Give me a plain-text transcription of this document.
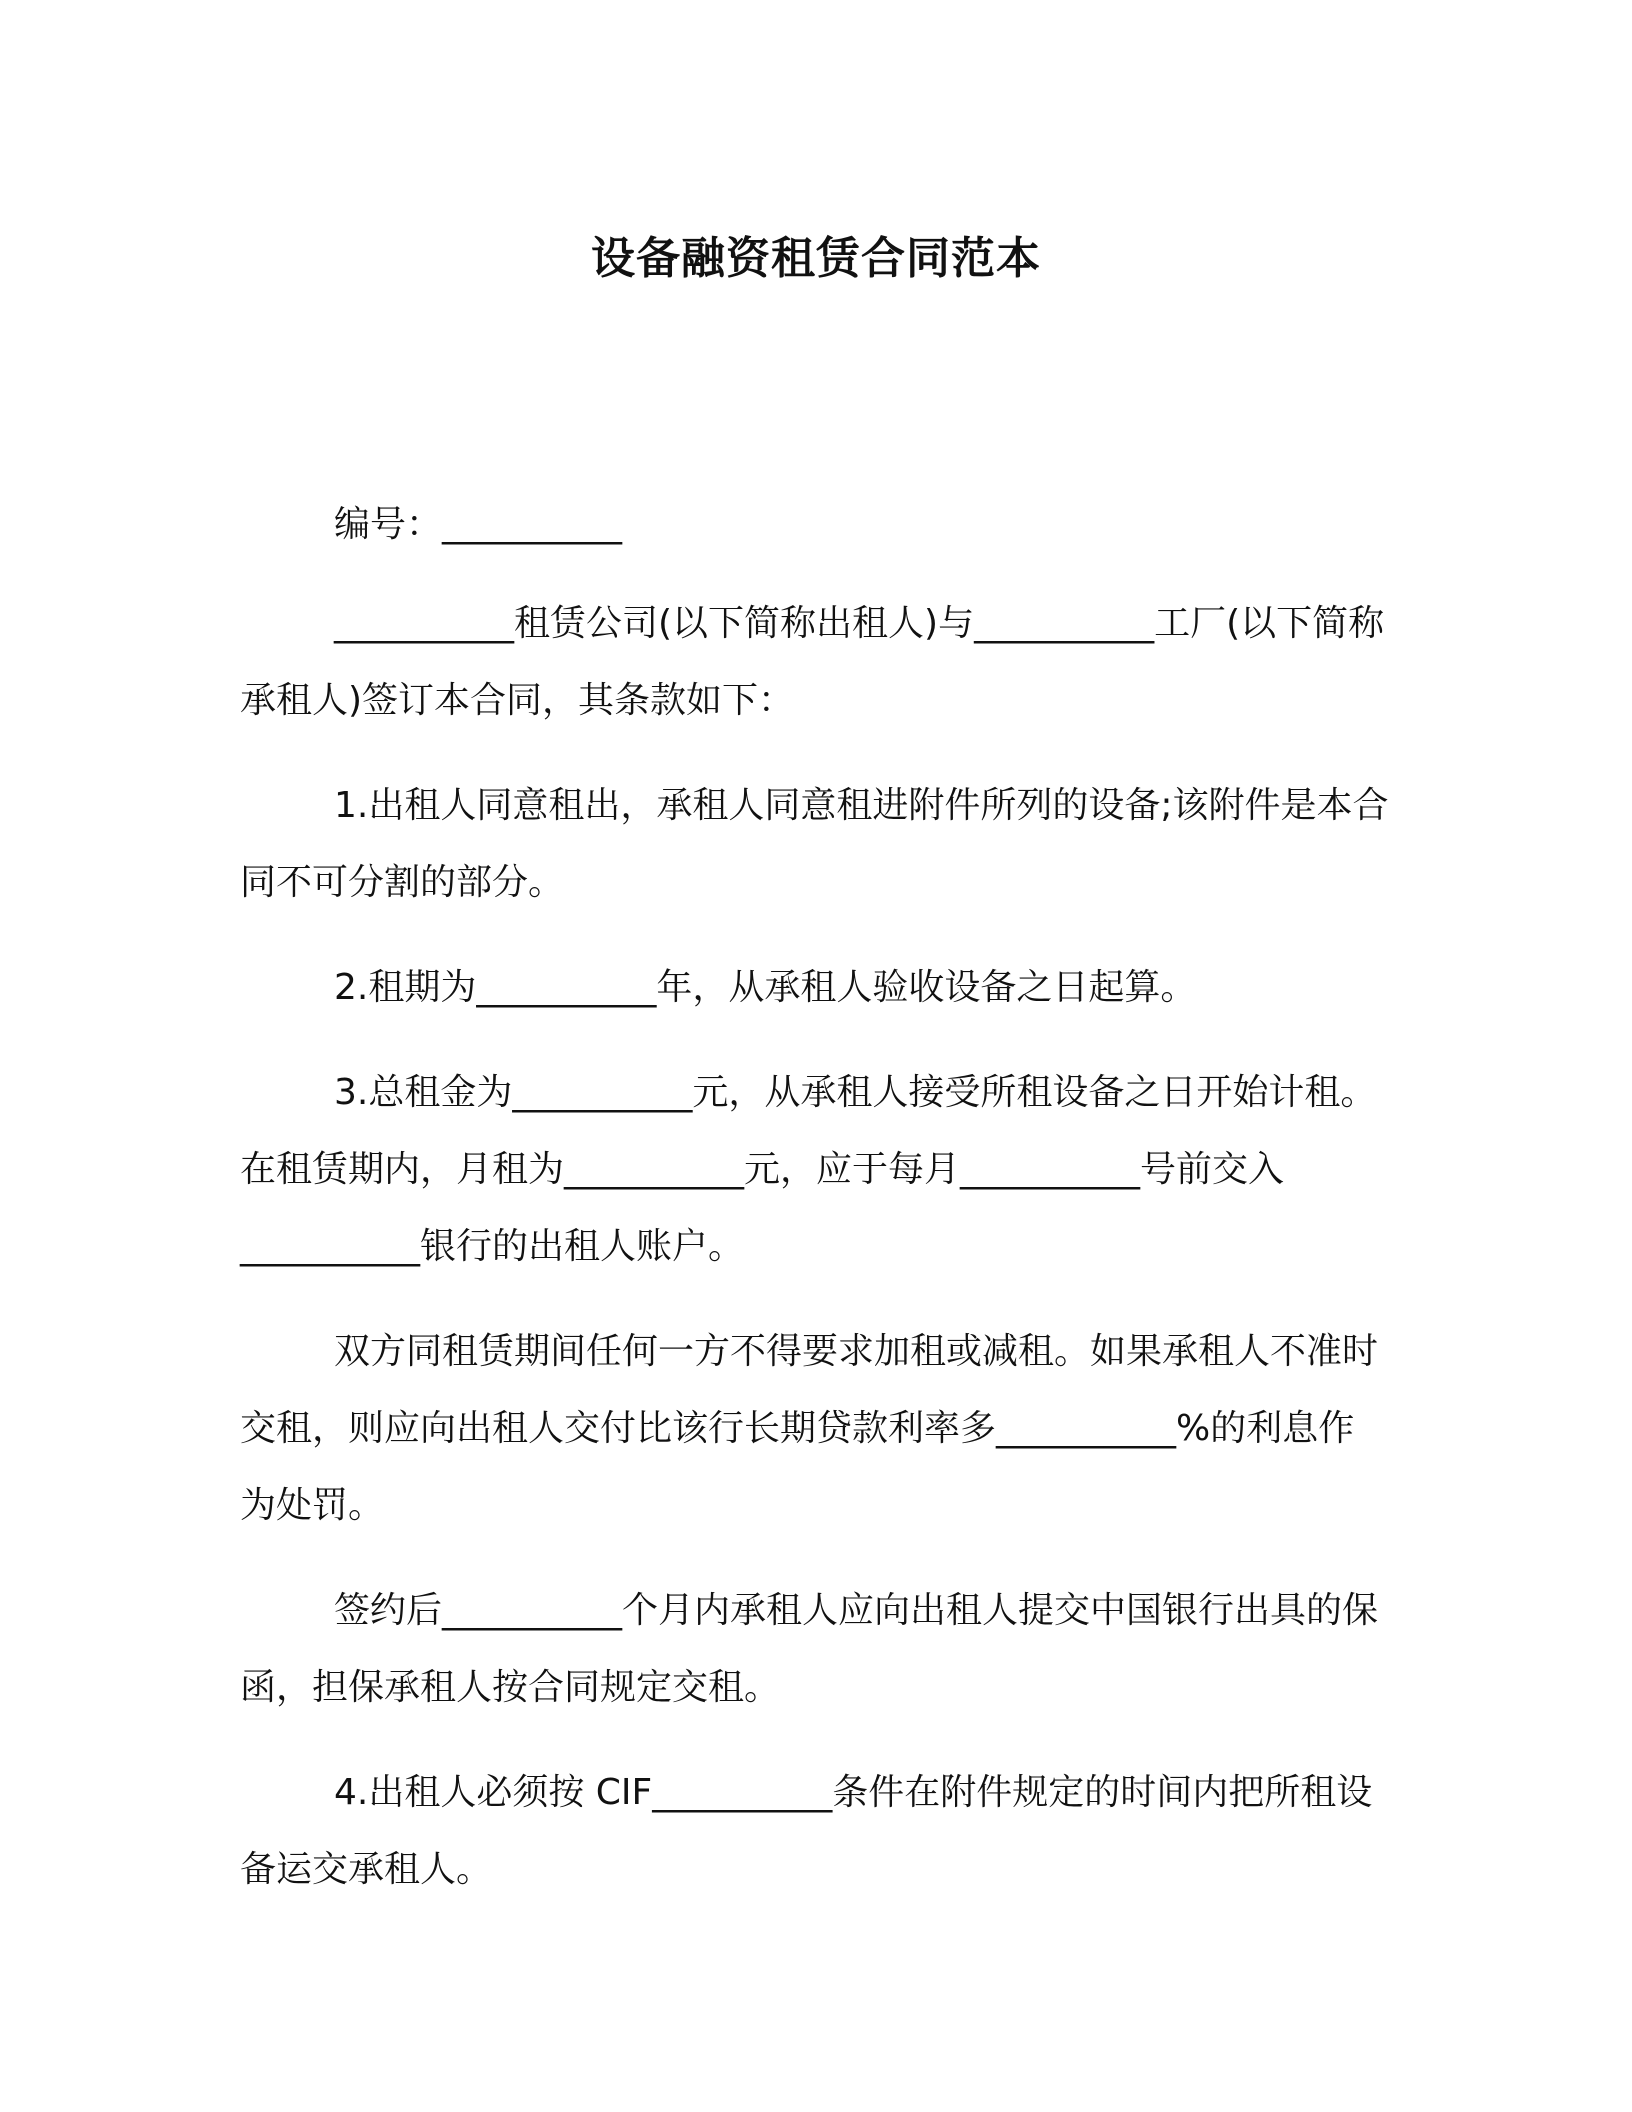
设备融资租赁合同范本

编号：__________

__________租赁公司(以下简称出租人)与__________工厂(以下简称承租人)签订本合同，其条款如下：

1.出租人同意租出，承租人同意租进附件所列的设备;该附件是本合同不可分割的部分。

2.租期为__________年，从承租人验收设备之日起算。

3.总租金为__________元，从承租人接受所租设备之日开始计租。在租赁期内，月租为__________元，应于每月__________号前交入__________银行的出租人账户。

双方同租赁期间任何一方不得要求加租或减租。如果承租人不准时交租，则应向出租人交付比该行长期贷款利率多__________%的利息作为处罚。

签约后__________个月内承租人应向出租人提交中国银行出具的保函，担保承租人按合同规定交租。

4.出租人必须按 CIF__________条件在附件规定的时间内把所租设备运交承租人。
